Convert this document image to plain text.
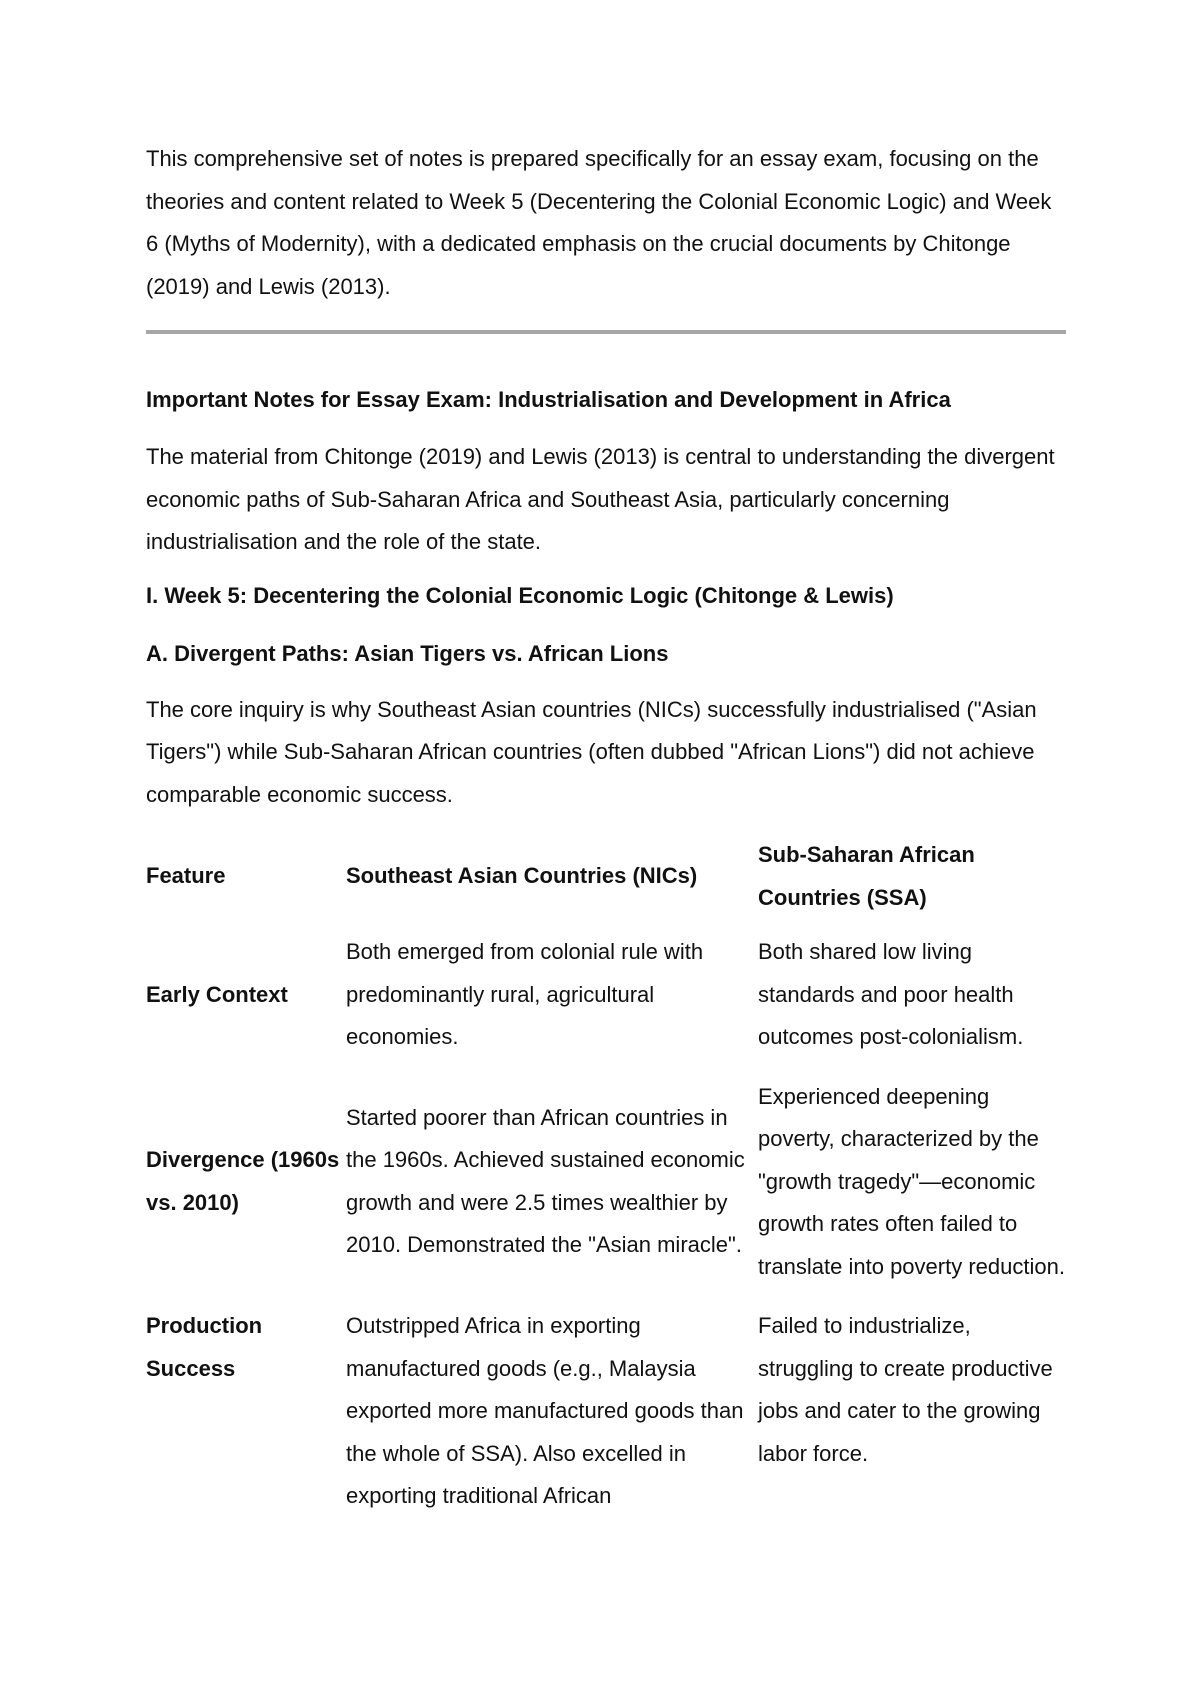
This comprehensive set of notes is prepared specifically for an essay exam, focusing on the theories and content related to Week 5 (Decentering the Colonial Economic Logic) and Week 6 (Myths of Modernity), with a dedicated emphasis on the crucial documents by Chitonge (2019) and Lewis (2013).

Important Notes for Essay Exam: Industrialisation and Development in Africa

The material from Chitonge (2019) and Lewis (2013) is central to understanding the divergent economic paths of Sub-Saharan Africa and Southeast Asia, particularly concerning industrialisation and the role of the state.

I. Week 5: Decentering the Colonial Economic Logic (Chitonge & Lewis)

A. Divergent Paths: Asian Tigers vs. African Lions

The core inquiry is why Southeast Asian countries (NICs) successfully industrialised ("Asian Tigers") while Sub-Saharan African countries (often dubbed "African Lions") did not achieve comparable economic success.

Feature	Southeast Asian Countries (NICs)	Sub-Saharan African Countries (SSA)
Early Context	Both emerged from colonial rule with predominantly rural, agricultural economies.	Both shared low living standards and poor health outcomes post-colonialism.
Divergence (1960s vs. 2010)	Started poorer than African countries in the 1960s. Achieved sustained economic growth and were 2.5 times wealthier by 2010. Demonstrated the "Asian miracle".	Experienced deepening poverty, characterized by the "growth tragedy"—economic growth rates often failed to translate into poverty reduction.
Production Success	Outstripped Africa in exporting manufactured goods (e.g., Malaysia exported more manufactured goods than the whole of SSA). Also excelled in exporting traditional African	Failed to industrialize, struggling to create productive jobs and cater to the growing labor force.
